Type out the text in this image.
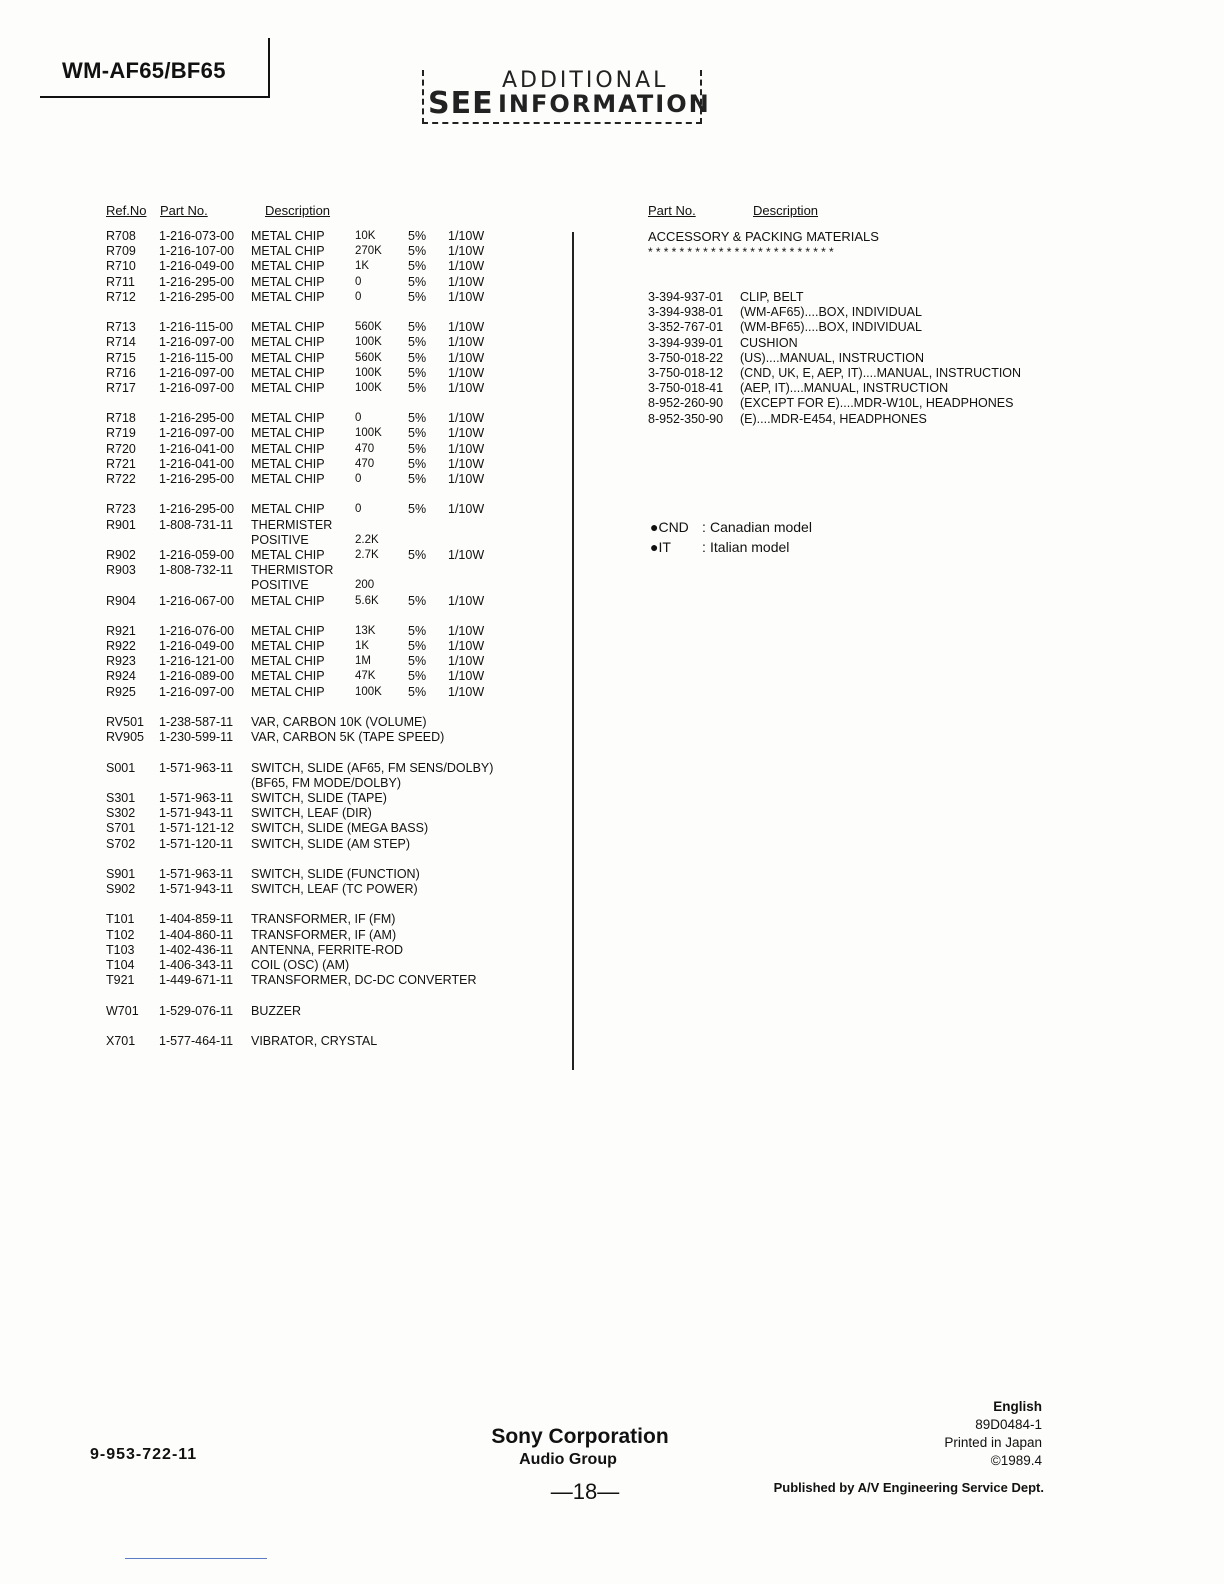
WM-AF65/BF65
SEE
ADDITIONAL
INFORMATION
Ref.No Part No.	Description
R708 1-216-073-00 METAL CHIP	10K	5% 1/10W
R709 1-216-107-00 METAL CHIP	270K 5% 1/10W
R710 1-216-049-00 METAL CHIP	1K	5% 1/10W
R711 1-216-295-00 METAL CHIP	0	5% 1/10W
R712 1-216-295-00 METAL CHIP	0	5% 1/10W
R713 1-216-115-00 METAL CHIP	560K 5% 1/10W
R714 1-216-097-00 METAL CHIP	100K 5% 1/10W
R715 1-216-115-00 METAL CHIP	560K 5% 1/10W
R716 1-216-097-00 METAL CHIP	100K 5% 1/10W
R717 1-216-097-00 METAL CHIP	100K 5% 1/10W
R718 1-216-295-00 METAL CHIP	0	5% 1/10W
R719 1-216-097-00 METAL CHIP	100K 5% 1/10W
R720 1-216-041-00 METAL CHIP	470	5% 1/10W
R721 1-216-041-00 METAL CHIP	470	5% 1/10W
R722 1-216-295-00 METAL CHIP	0	5% 1/10W
R723 1-216-295-00 METAL CHIP	0	5% 1/10W
R901 1-808-731-11 THERMISTER
POSITIVE	2.2K
R902 1-216-059-00 METAL CHIP	2.7K 5% 1/10W
R903 1-808-732-11 THERMISTOR
POSITIVE	200
R904 1-216-067-00 METAL CHIP	5.6K 5% 1/10W
R921 1-216-076-00 METAL CHIP	13K	5% 1/10W
R922 1-216-049-00 METAL CHIP	1K	5% 1/10W
R923 1-216-121-00 METAL CHIP	1M	5% 1/10W
R924 1-216-089-00 METAL CHIP	47K	5% 1/10W
R925 1-216-097-00 METAL CHIP	100K 5% 1/10W
RV501 1-238-587-11 VAR, CARBON 10K (VOLUME)
RV905 1-230-599-11 VAR, CARBON 5K (TAPE SPEED)
S001 1-571-963-11 SWITCH, SLIDE (AF65, FM SENS/DOLBY)
(BF65, FM MODE/DOLBY)
S301 1-571-963-11 SWITCH, SLIDE (TAPE)
S302 1-571-943-11 SWITCH, LEAF (DIR)
S701 1-571-121-12 SWITCH, SLIDE (MEGA BASS)
S702 1-571-120-11 SWITCH, SLIDE (AM STEP)
S901 1-571-963-11 SWITCH, SLIDE (FUNCTION)
S902 1-571-943-11 SWITCH, LEAF (TC POWER)
T101 1-404-859-11 TRANSFORMER, IF (FM)
T102 1-404-860-11 TRANSFORMER, IF (AM)
T103 1-402-436-11 ANTENNA, FERRITE-ROD
T104 1-406-343-11 COIL (OSC) (AM)
T921 1-449-671-11 TRANSFORMER, DC-DC CONVERTER
W701 1-529-076-11 BUZZER
X701 1-577-464-11 VIBRATOR, CRYSTAL
Part No.	Description
ACCESSORY & PACKING MATERIALS
************************
3-394-937-01 CLIP, BELT
3-394-938-01 (WM-AF65)....BOX, INDIVIDUAL
3-352-767-01 (WM-BF65)....BOX, INDIVIDUAL
3-394-939-01 CUSHION
3-750-018-22 (US)....MANUAL, INSTRUCTION
3-750-018-12 (CND, UK, E, AEP, IT)....MANUAL, INSTRUCTION
3-750-018-41 (AEP, IT)....MANUAL, INSTRUCTION
8-952-260-90 (EXCEPT FOR E)....MDR-W10L, HEADPHONES
8-952-350-90 (E)....MDR-E454, HEADPHONES
●CND : Canadian model
●IT : Italian model
9-953-722-11
Sony Corporation
Audio Group
—18—
English
89D0484-1
Printed in Japan
©1989.4
Published by A/V Engineering Service Dept.
